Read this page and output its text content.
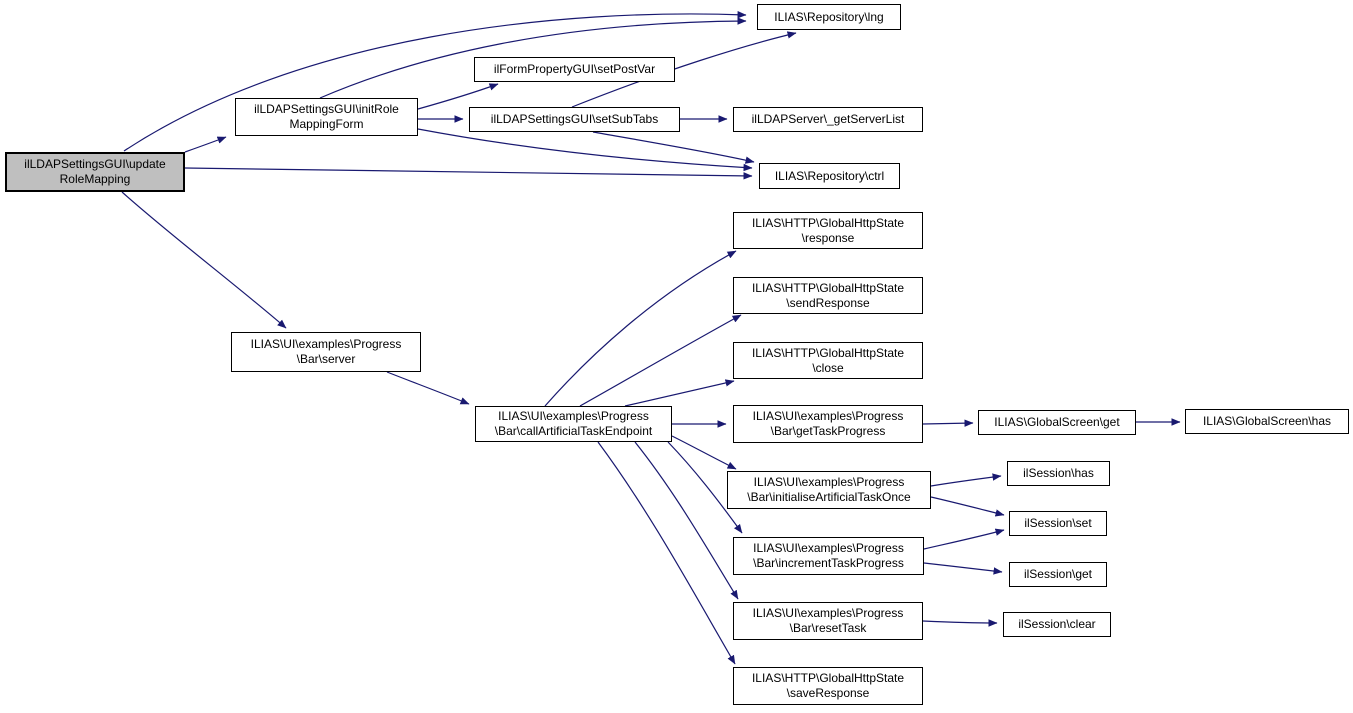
ilLDAPSettingsGUI\update
RoleMapping
ilLDAPSettingsGUI\initRole
MappingForm
ilFormPropertyGUI\setPostVar
ilLDAPSettingsGUI\setSubTabs
ILIAS\Repository\lng
ilLDAPServer\_getServerList
ILIAS\Repository\ctrl
ILIAS\UI\examples\Progress
\Bar\server
ILIAS\UI\examples\Progress
\Bar\callArtificialTaskEndpoint
ILIAS\HTTP\GlobalHttpState
\response
ILIAS\HTTP\GlobalHttpState
\sendResponse
ILIAS\HTTP\GlobalHttpState
\close
ILIAS\UI\examples\Progress
\Bar\getTaskProgress
ILIAS\UI\examples\Progress
\Bar\initialiseArtificialTaskOnce
ILIAS\UI\examples\Progress
\Bar\incrementTaskProgress
ILIAS\UI\examples\Progress
\Bar\resetTask
ILIAS\HTTP\GlobalHttpState
\saveResponse
ILIAS\GlobalScreen\get	ILIAS\GlobalScreen\has
ilSession\has
ilSession\set
ilSession\get
ilSession\clear
